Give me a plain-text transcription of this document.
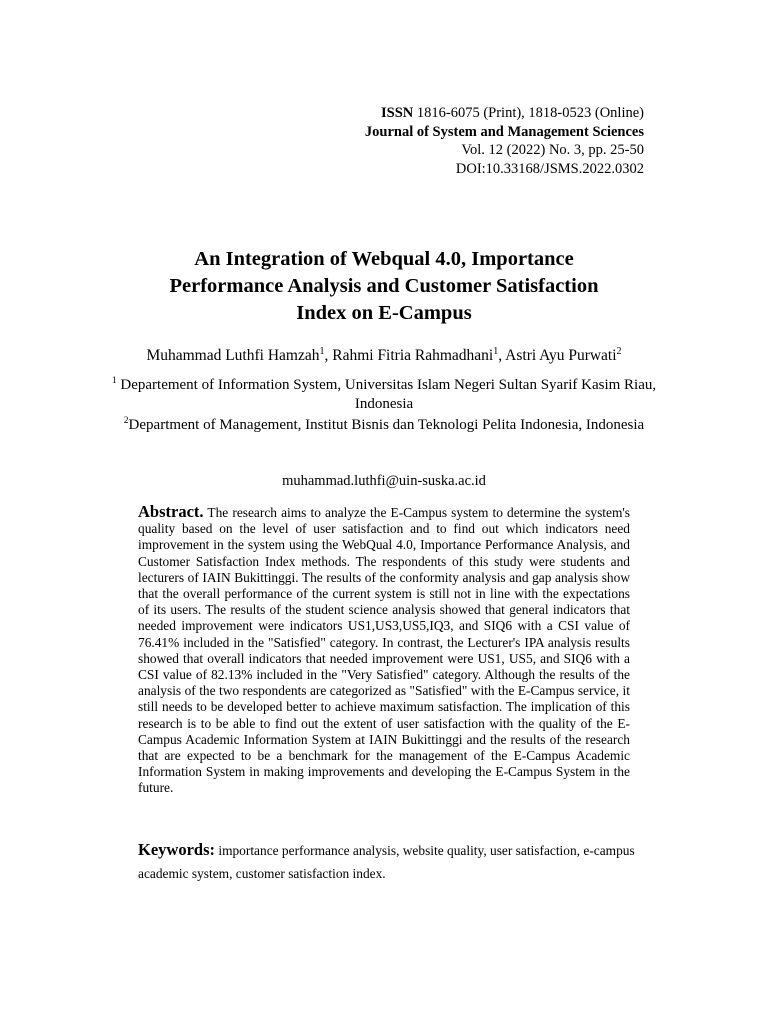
ISSN 1816-6075 (Print), 1818-0523 (Online)
Journal of System and Management Sciences
Vol. 12 (2022) No. 3, pp. 25-50
DOI:10.33168/JSMS.2022.0302
An Integration of Webqual 4.0, Importance
Performance Analysis and Customer Satisfaction
Index on E-Campus
Muhammad Luthfi Hamzah$^1$, Rahmi Fitria Rahmadhani$^1$, Astri Ayu Purwati$^2$
$^1$ Departement of Information System, Universitas Islam Negeri Sultan Syarif Kasim Riau, Indonesia
$^2$Department of Management, Institut Bisnis dan Teknologi Pelita Indonesia, Indonesia
muhammad.luthfi@uin-suska.ac.id
Abstract. The research aims to analyze the E-Campus system to determine the system's quality based on the level of user satisfaction and to find out which indicators need improvement in the system using the WebQual 4.0, Importance Performance Analysis, and Customer Satisfaction Index methods. The respondents of this study were students and lecturers of IAIN Bukittinggi. The results of the conformity analysis and gap analysis show that the overall performance of the current system is still not in line with the expectations of its users. The results of the student science analysis showed that general indicators that needed improvement were indicators US1,US3,US5,IQ3, and SIQ6 with a CSI value of 76.41% included in the "Satisfied" category. In contrast, the Lecturer's IPA analysis results showed that overall indicators that needed improvement were US1, US5, and SIQ6 with a CSI value of 82.13% included in the "Very Satisfied" category. Although the results of the analysis of the two respondents are categorized as "Satisfied" with the E-Campus service, it still needs to be developed better to achieve maximum satisfaction. The implication of this research is to be able to find out the extent of user satisfaction with the quality of the E-Campus Academic Information System at IAIN Bukittinggi and the results of the research that are expected to be a benchmark for the management of the E-Campus Academic Information System in making improvements and developing the E-Campus System in the future.
Keywords: importance performance analysis, website quality, user satisfaction, e-campus academic system, customer satisfaction index.
